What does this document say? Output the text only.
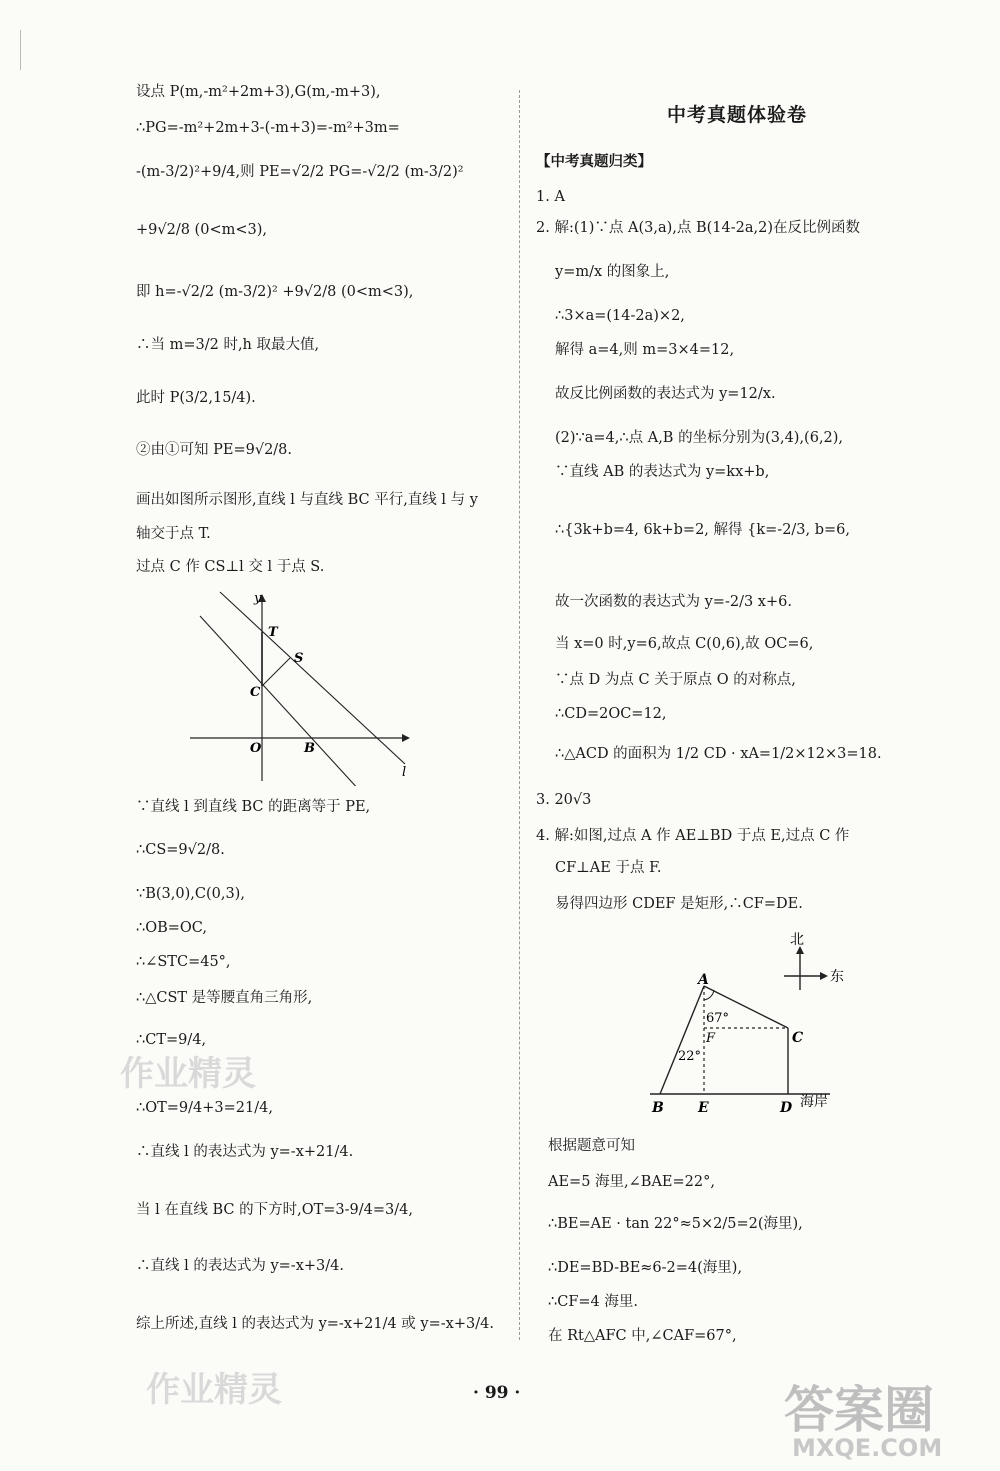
设点 P(m,-m²+2m+3),G(m,-m+3),
∴PG=-m²+2m+3-(-m+3)=-m²+3m=
-(m-3/2)²+9/4,则 PE=√2/2 PG=-√2/2 (m-3/2)²
+9√2/8 (0<m<3),
即 h=-√2/2 (m-3/2)² +9√2/8 (0<m<3),
∴当 m=3/2 时,h 取最大值,
此时 P(3/2,15/4).
②由①可知 PE=9√2/8.
画出如图所示图形,直线 l 与直线 BC 平行,直线 l 与 y
轴交于点 T.
过点 C 作 CS⊥l 交 l 于点 S.
y
T
S
C
O	B
l
∵直线 l 到直线 BC 的距离等于 PE,
∴CS=9√2/8.
∵B(3,0),C(0,3),
∴OB=OC,
∴∠STC=45°,
∴△CST 是等腰直角三角形,
∴CT=9/4,
∴OT=9/4+3=21/4,
∴直线 l 的表达式为 y=-x+21/4.
当 l 在直线 BC 的下方时,OT=3-9/4=3/4,
∴直线 l 的表达式为 y=-x+3/4.
综上所述,直线 l 的表达式为 y=-x+21/4 或 y=-x+3/4.
中考真题体验卷
【中考真题归类】
1. A
2. 解:(1)∵点 A(3,a),点 B(14-2a,2)在反比例函数
y=m/x 的图象上,
∴3×a=(14-2a)×2,
解得 a=4,则 m=3×4=12,
故反比例函数的表达式为 y=12/x.
(2)∵a=4,∴点 A,B 的坐标分别为(3,4),(6,2),
∵直线 AB 的表达式为 y=kx+b,
∴{3k+b=4, 6k+b=2, 解得 {k=-2/3, b=6,
故一次函数的表达式为 y=-2/3 x+6.
当 x=0 时,y=6,故点 C(0,6),故 OC=6,
∵点 D 为点 C 关于原点 O 的对称点,
∴CD=2OC=12,
∴△ACD 的面积为 1/2 CD · xA=1/2×12×3=18.
3. 20√3
4. 解:如图,过点 A 作 AE⊥BD 于点 E,过点 C 作
CF⊥AE 于点 F.
易得四边形 CDEF 是矩形,∴CF=DE.
北
东
A
67°
C
F
22°
B E	D 海岸
根据题意可知
AE=5 海里,∠BAE=22°,
∴BE=AE · tan 22°≈5×2/5=2(海里),
∴DE=BD-BE≈6-2=4(海里),
∴CF=4 海里.
在 Rt△AFC 中,∠CAF=67°,
作业精灵
作业精灵	答案圈
MXQE.COM
· 99 ·
